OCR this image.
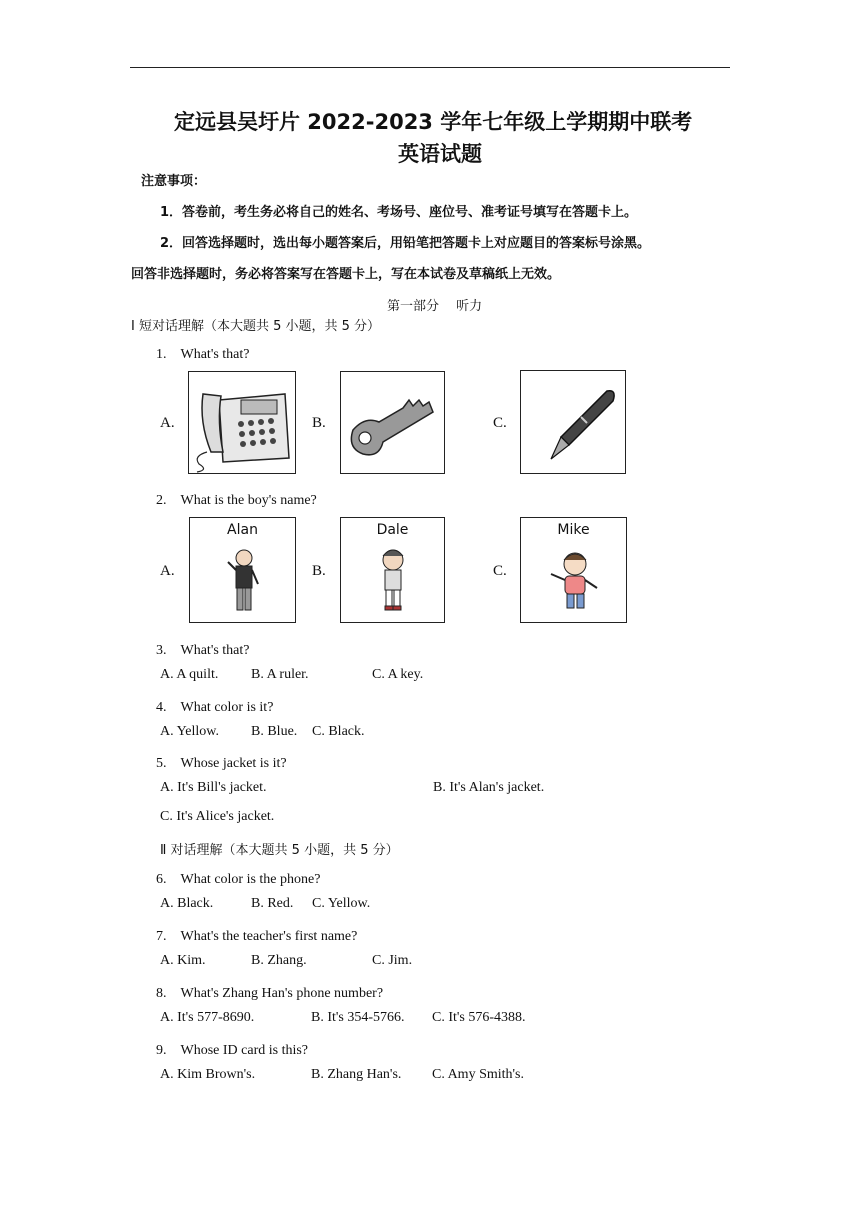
定远县吴圩片 2022-2023 学年七年级上学期期中联考
英语试题
注意事项：
1．答卷前，考生务必将自己的姓名、考场号、座位号、准考证号填写在答题卡上。
2．回答选择题时，选出每小题答案后，用铅笔把答题卡上对应题目的答案标号涂黑。
回答非选择题时，务必将答案写在答题卡上，写在本试卷及草稿纸上无效。
第一部分　 听力
Ⅰ 短对话理解（本大题共 5 小题，共 5 分）
1.　What's that?
A.	B.	C.
2.　What is the boy's name?
A.	B.	C.
Alan	Dale	Mike
3.　What's that?
A. A quilt. B. A ruler.	C. A key.
4.　What color is it?
A. Yellow. B. Blue. C. Black.
5.　Whose jacket is it?
A. It's Bill's jacket.	B. It's Alan's jacket.
C. It's Alice's jacket.
Ⅱ 对话理解（本大题共 5 小题，共 5 分）
6.　What color is the phone?
A. Black.	B. Red. C. Yellow.
7.　What's the teacher's first name?
A. Kim.	B. Zhang.	C. Jim.
8.　What's Zhang Han's phone number?
A. It's 577-8690.	B. It's 354-5766. C. It's 576-4388.
9.　Whose ID card is this?
A. Kim Brown's.	B. Zhang Han's. C. Amy Smith's.
